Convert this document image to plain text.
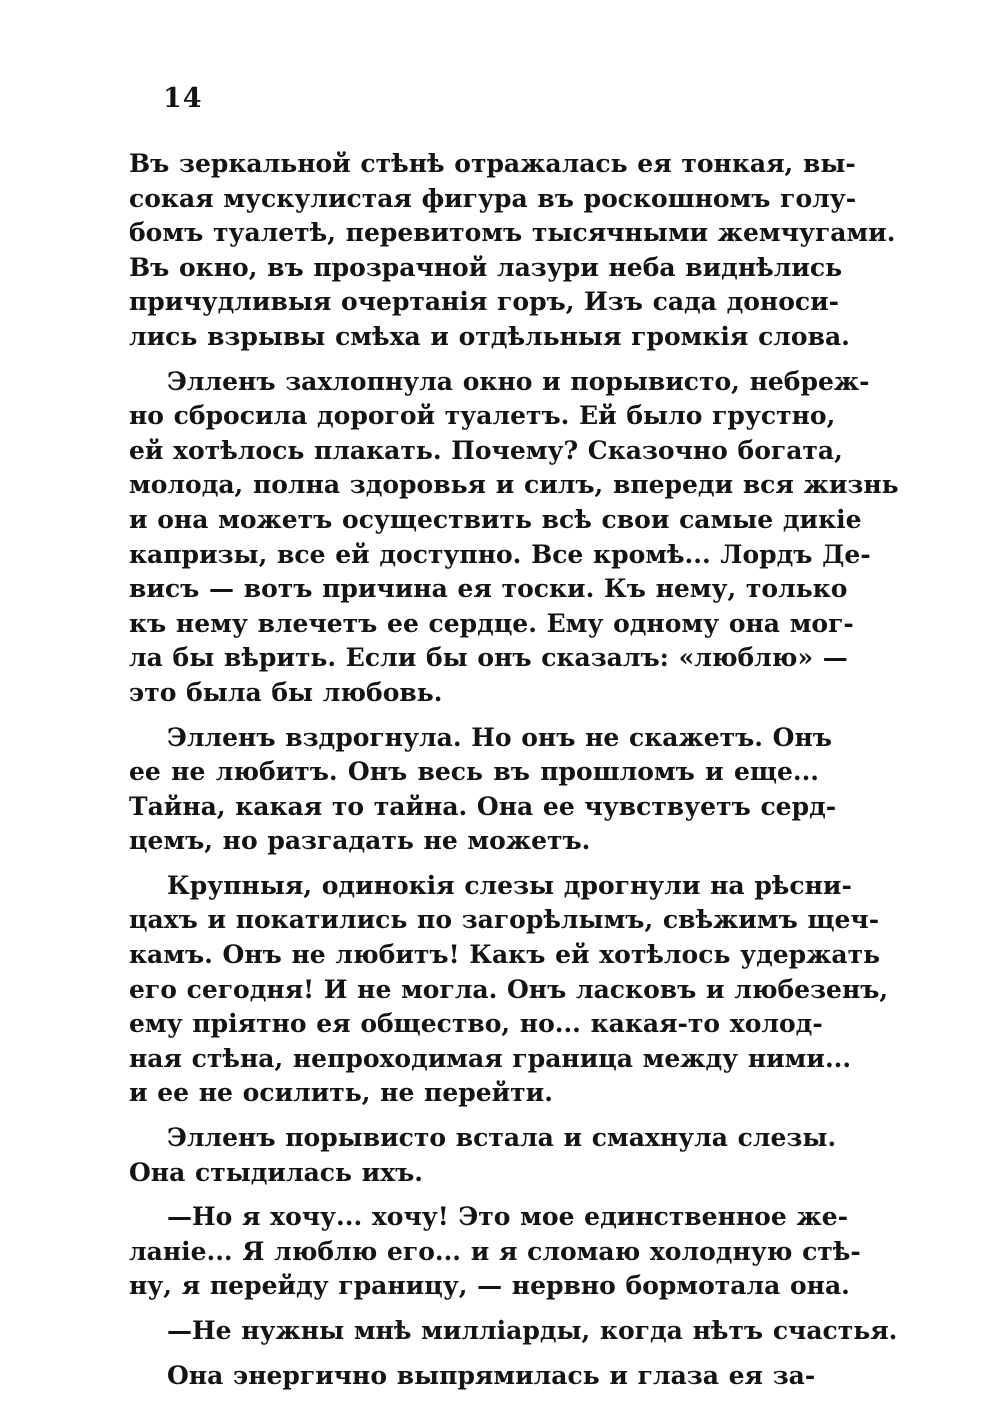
14
Въ зеркальной стѣнѣ отражалась ея тонкая, вы-
сокая мускулистая фигура въ роскошномъ голу-
бомъ туалетѣ, перевитомъ тысячными жемчугами.
Въ окно, въ прозрачной лазури неба виднѣлись
причудливыя очертанія горъ, Изъ сада доноси-
лись взрывы смѣха и отдѣльныя громкія слова.
Элленъ захлопнула окно и порывисто, небреж-
но сбросила дорогой туалетъ. Ей было грустно,
ей хотѣлось плакать. Почему? Сказочно богата,
молода, полна здоровья и силъ, впереди вся жизнь
и она можетъ осуществить всѣ свои самые дикіе
капризы, все ей доступно. Все кромѣ... Лордъ Де-
висъ — вотъ причина ея тоски. Къ нему, только
къ нему влечетъ ее сердце. Ему одному она мог-
ла бы вѣрить. Если бы онъ сказалъ: «люблю» —
это была бы любовь.
Элленъ вздрогнула. Но онъ не скажетъ. Онъ
ее не любитъ. Онъ весь въ прошломъ и еще...
Тайна, какая то тайна. Она ее чувствуетъ серд-
цемъ, но разгадать не можетъ.
Крупныя, одинокія слезы дрогнули на рѣсни-
цахъ и покатились по загорѣлымъ, свѣжимъ щеч-
камъ. Онъ не любитъ! Какъ ей хотѣлось удержать
его сегодня! И не могла. Онъ ласковъ и любезенъ,
ему пріятно ея общество, но... какая-то холод-
ная стѣна, непроходимая граница между ними...
и ее не осилить, не перейти.
Элленъ порывисто встала и смахнула слезы.
Она стыдилась ихъ.
—Но я хочу... хочу! Это мое единственное же-
ланіе... Я люблю его... и я сломаю холодную стѣ-
ну, я перейду границу, — нервно бормотала она.
—Не нужны мнѣ милліарды, когда нѣтъ счастья.
Она энергично выпрямилась и глаза ея за-
